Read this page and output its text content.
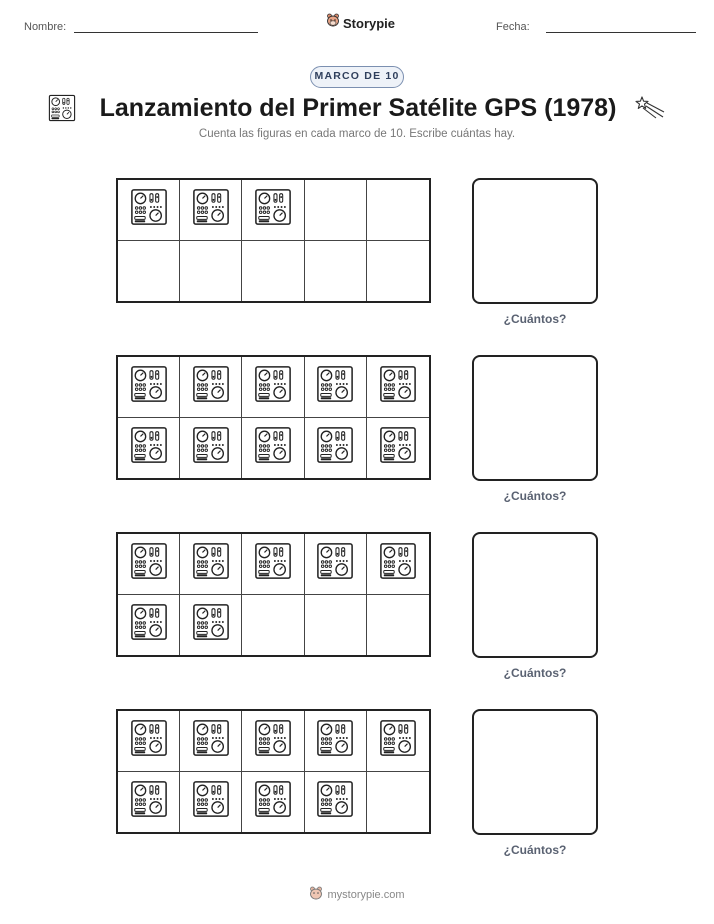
Nombre:	Storypie	Fecha:
MARCO DE 10
Lanzamiento del Primer Satélite GPS (1978)
Cuenta las figuras en cada marco de 10. Escribe cuántas hay.
¿Cuántos?
¿Cuántos?
¿Cuántos?
¿Cuántos?
mystorypie.com
